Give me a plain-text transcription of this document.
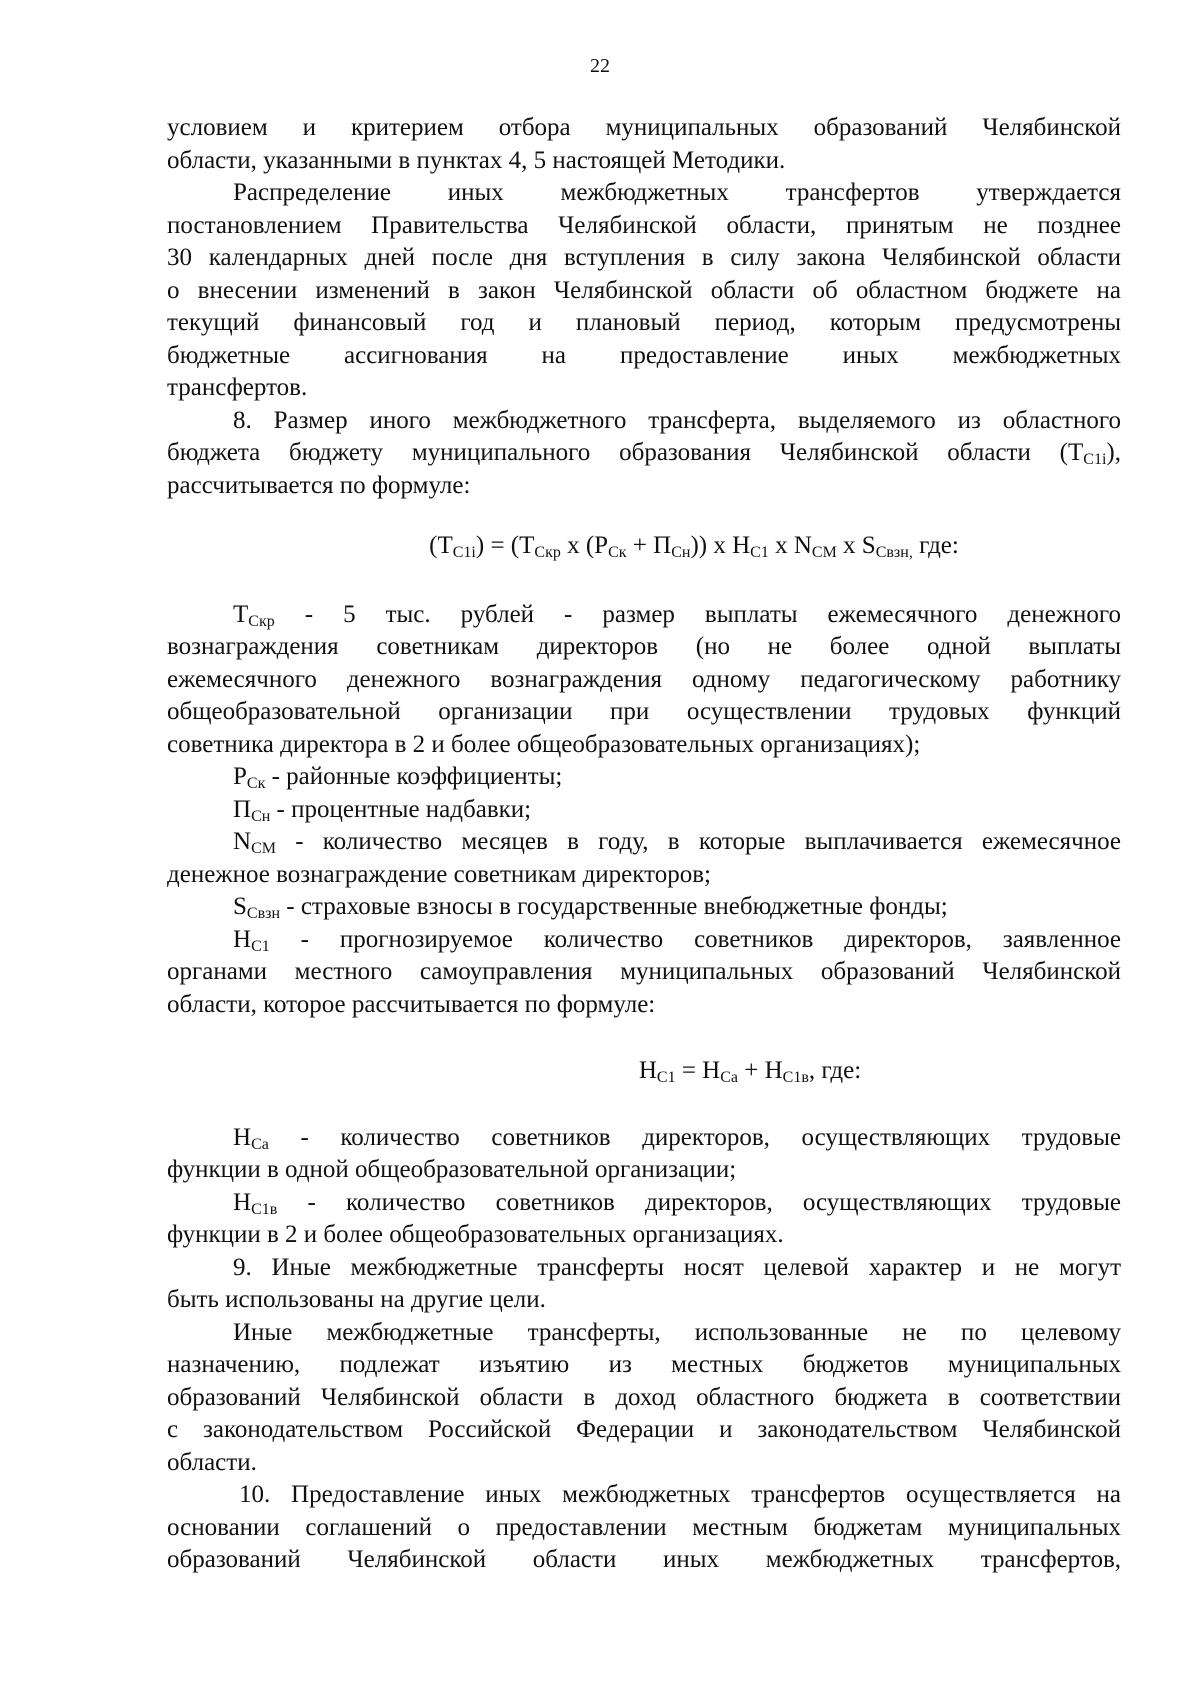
22
условием и критерием отбора муниципальных образований Челябинской
области, указанными в пунктах 4, 5 настоящей Методики.
Распределение иных межбюджетных трансфертов утверждается
постановлением Правительства Челябинской области, принятым не позднее
30 календарных дней после дня вступления в силу закона Челябинской области
о внесении изменений в закон Челябинской области об областном бюджете на
текущий финансовый год и плановый период, которым предусмотрены
бюджетные ассигнования на предоставление иных межбюджетных
трансфертов.
8. Размер иного межбюджетного трансферта, выделяемого из областного
бюджета бюджету муниципального образования Челябинской области $(Т_{C1i})$,
рассчитывается по формуле:
$(Т_{C1i}) = (Т_{Скр}$ х $(Р_{Ск} + П_{Сн})$) х $Н_{C1}$ х $N_{СМ}$ х $S_{Свзн,}$ где:
$Т_{Скр} - 5$ тыс. рублей - размер выплаты ежемесячного денежного
вознаграждения советникам директоров (но не более одной выплаты
ежемесячного денежного вознаграждения одному педагогическому работнику
общеобразовательной организации при осуществлении трудовых функций
советника директора в 2 и более общеобразовательных организациях);
$Р_{Ск}$ - районные коэффициенты;
$П_{Сн}$ - процентные надбавки;
$N_{СМ}$ - количество месяцев в году, в которые выплачивается ежемесячное
денежное вознаграждение советникам директоров;
$S_{Свзн}$ - страховые взносы в государственные внебюджетные фонды;
$Н_{C1}$ - прогнозируемое количество советников директоров, заявленное
органами местного самоуправления муниципальных образований Челябинской
области, которое рассчитывается по формуле:
$Н_{C1} = Н_{Са} + Н_{C1в}$, где:
$Н_{Са}$ - количество советников директоров, осуществляющих трудовые
функции в одной общеобразовательной организации;
$Н_{C1в}$ - количество советников директоров, осуществляющих трудовые
функции в 2 и более общеобразовательных организациях.
9. Иные межбюджетные трансферты носят целевой характер и не могут
быть использованы на другие цели.
Иные межбюджетные трансферты, использованные не по целевому
назначению, подлежат изъятию из местных бюджетов муниципальных
образований Челябинской области в доход областного бюджета в соответствии
с законодательством Российской Федерации и законодательством Челябинской
области.
10. Предоставление иных межбюджетных трансфертов осуществляется на
основании соглашений о предоставлении местным бюджетам муниципальных
образований Челябинской области иных межбюджетных трансфертов,
